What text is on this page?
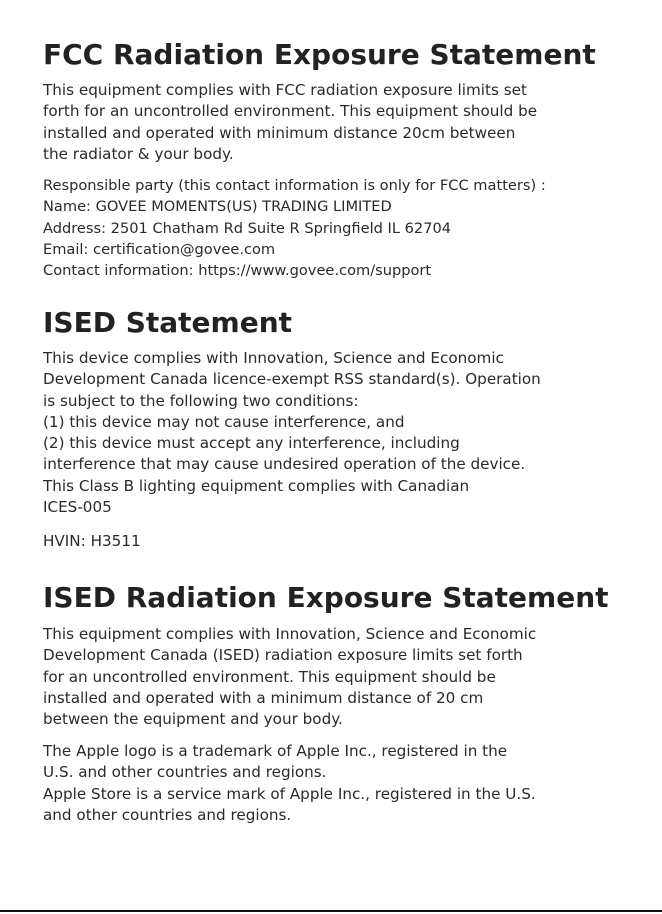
FCC Radiation Exposure Statement
This equipment complies with FCC radiation exposure limits set
forth for an uncontrolled environment. This equipment should be
installed and operated with minimum distance 20cm between
the radiator & your body.
Responsible party (this contact information is only for FCC matters) :
Name: GOVEE MOMENTS(US) TRADING LIMITED
Address: 2501 Chatham Rd Suite R Springfield IL 62704
Email: certification@govee.com
Contact information: https://www.govee.com/support
ISED Statement
This device complies with Innovation, Science and Economic
Development Canada licence-exempt RSS standard(s). Operation
is subject to the following two conditions:
(1) this device may not cause interference, and
(2) this device must accept any interference, including
interference that may cause undesired operation of the device.
This Class B lighting equipment complies with Canadian
ICES-005
HVIN: H3511
ISED Radiation Exposure Statement
This equipment complies with Innovation, Science and Economic
Development Canada (ISED) radiation exposure limits set forth
for an uncontrolled environment. This equipment should be
installed and operated with a minimum distance of 20 cm
between the equipment and your body.
The Apple logo is a trademark of Apple Inc., registered in the
U.S. and other countries and regions.
Apple Store is a service mark of Apple Inc., registered in the U.S.
and other countries and regions.
